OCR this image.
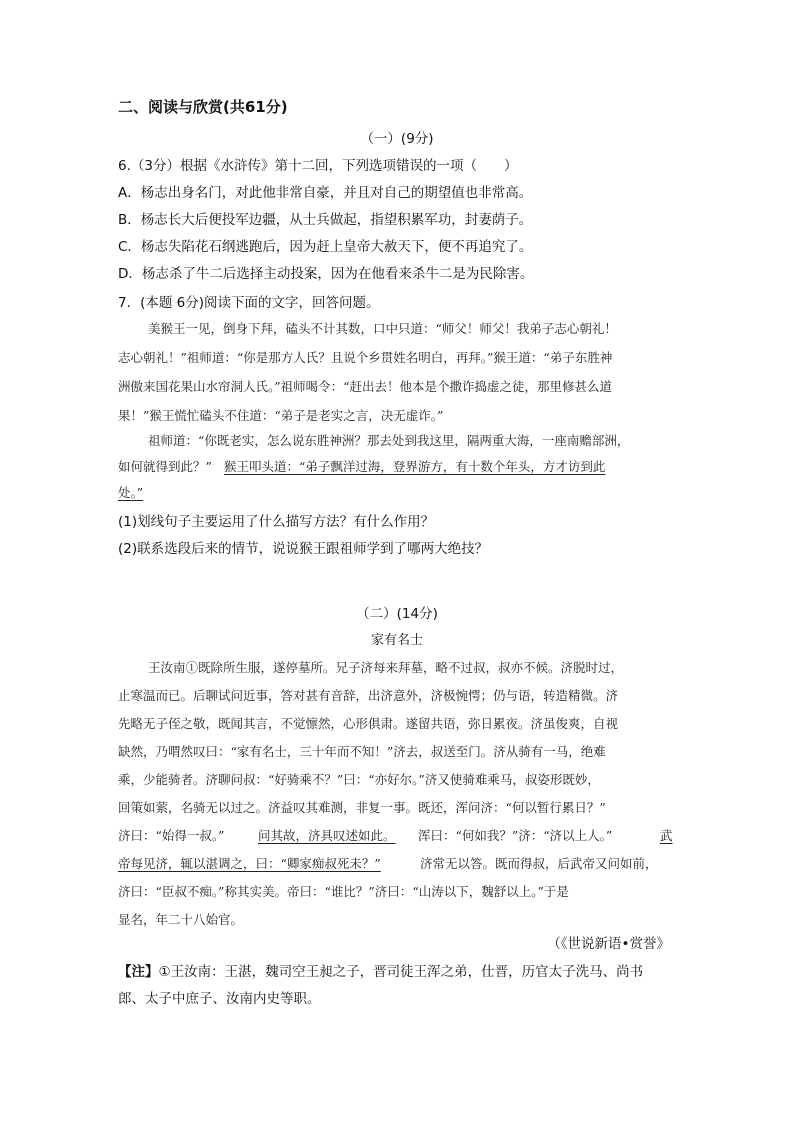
二、阅读与欣赏(共61分)
（一）(9分)
6.（3分）根据《水浒传》第十二回，下列选项错误的一项（　　）
A．杨志出身名门，对此他非常自豪，并且对自己的期望值也非常高。
B．杨志长大后便投军边疆，从士兵做起，指望积累军功，封妻荫子。
C．杨志失陷花石纲逃跑后，因为赶上皇帝大赦天下，便不再追究了。
D．杨志杀了牛二后选择主动投案，因为在他看来杀牛二是为民除害。
7．(本题 6分)阅读下面的文字，回答问题。
美猴王一见，倒身下拜，磕头不计其数，口中只道：“师父！师父！我弟子志心朝礼！
志心朝礼！”祖师道：“你是那方人氏？且说个乡贯姓名明白，再拜。”猴王道：“弟子东胜神
洲傲来国花果山水帘洞人氏。”祖师喝令：“赶出去！他本是个撒诈捣虚之徒，那里修甚么道
果！”猴王慌忙磕头不住道：“弟子是老实之言，决无虚诈。”
祖师道：“你既老实，怎么说东胜神洲？那去处到我这里，隔两重大海，一座南赡部洲，
如何就得到此？” 猴王叩头道：“弟子飘洋过海，登界游方，有十数个年头，方才访到此
处。”
(1)划线句子主要运用了什么描写方法？有什么作用？
(2)联系选段后来的情节，说说猴王跟祖师学到了哪两大绝技？
（二）(14分)
家有名士
王汝南①既除所生服，遂停墓所。兄子济每来拜墓，略不过叔，叔亦不候。济脱时过，
止寒温而已。后聊试问近事，答对甚有音辞，出济意外，济极惋愕；仍与语，转造精微。济
先略无子侄之敬，既闻其言，不觉懔然，心形俱肃。遂留共语，弥日累夜。济虽俊爽，自视
缺然，乃喟然叹曰：“家有名士，三十年而不知！”济去，叔送至门。济从骑有一马，绝难
乘，少能骑者。济聊问叔：“好骑乘不？”曰：“亦好尔。”济又使骑难乘马，叔姿形既妙，
回策如萦，名骑无以过之。济益叹其难测，非复一事。既还，浑问济：“何以暂行累日？”
济曰：“始得一叔。”	问其故，济具叹述如此。 浑曰：“何如我？”济：“济以上人。”	武
帝每见济，辄以湛调之，曰：“卿家痴叔死未？”	济常无以答。既而得叔，后武帝又问如前，
济曰：“臣叔不痴。”称其实美。帝曰：“谁比？”济曰：“山涛以下，魏舒以上。”于是
显名，年二十八始官。
（《世说新语•赏誉》
【注】①王汝南：王湛，魏司空王昶之子，晋司徒王浑之弟，仕晋，历官太子洗马、尚书
郎、太子中庶子、汝南内史等职。
